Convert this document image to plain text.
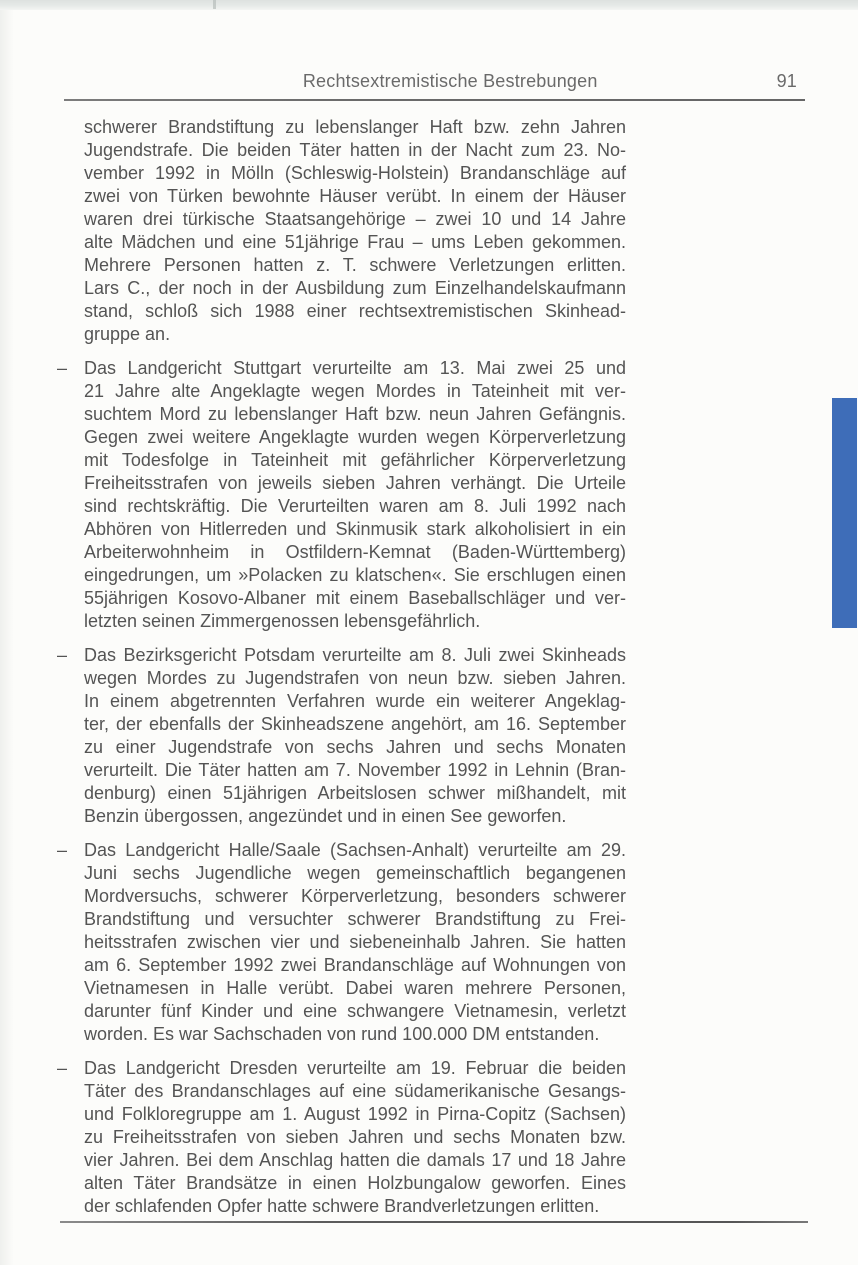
Rechtsextremistische Bestrebungen	91
schwerer Brandstiftung zu lebenslanger Haft bzw. zehn Jahren
Jugendstrafe. Die beiden Täter hatten in der Nacht zum 23. No-
vember 1992 in Mölln (Schleswig-Holstein) Brandanschläge auf
zwei von Türken bewohnte Häuser verübt. In einem der Häuser
waren drei türkische Staatsangehörige – zwei 10 und 14 Jahre
alte Mädchen und eine 51jährige Frau – ums Leben gekommen.
Mehrere Personen hatten z. T. schwere Verletzungen erlitten.
Lars C., der noch in der Ausbildung zum Einzelhandelskaufmann
stand, schloß sich 1988 einer rechtsextremistischen Skinhead-
gruppe an.
– Das Landgericht Stuttgart verurteilte am 13. Mai zwei 25 und
21 Jahre alte Angeklagte wegen Mordes in Tateinheit mit ver-
suchtem Mord zu lebenslanger Haft bzw. neun Jahren Gefängnis.
Gegen zwei weitere Angeklagte wurden wegen Körperverletzung
mit Todesfolge in Tateinheit mit gefährlicher Körperverletzung
Freiheitsstrafen von jeweils sieben Jahren verhängt. Die Urteile
sind rechtskräftig. Die Verurteilten waren am 8. Juli 1992 nach
Abhören von Hitlerreden und Skinmusik stark alkoholisiert in ein
Arbeiterwohnheim in Ostfildern-Kemnat (Baden-Württemberg)
eingedrungen, um »Polacken zu klatschen«. Sie erschlugen einen
55jährigen Kosovo-Albaner mit einem Baseballschläger und ver-
letzten seinen Zimmergenossen lebensgefährlich.
– Das Bezirksgericht Potsdam verurteilte am 8. Juli zwei Skinheads
wegen Mordes zu Jugendstrafen von neun bzw. sieben Jahren.
In einem abgetrennten Verfahren wurde ein weiterer Angeklag-
ter, der ebenfalls der Skinheadszene angehört, am 16. September
zu einer Jugendstrafe von sechs Jahren und sechs Monaten
verurteilt. Die Täter hatten am 7. November 1992 in Lehnin (Bran-
denburg) einen 51jährigen Arbeitslosen schwer mißhandelt, mit
Benzin übergossen, angezündet und in einen See geworfen.
– Das Landgericht Halle/Saale (Sachsen-Anhalt) verurteilte am 29.
Juni sechs Jugendliche wegen gemeinschaftlich begangenen
Mordversuchs, schwerer Körperverletzung, besonders schwerer
Brandstiftung und versuchter schwerer Brandstiftung zu Frei-
heitsstrafen zwischen vier und siebeneinhalb Jahren. Sie hatten
am 6. September 1992 zwei Brandanschläge auf Wohnungen von
Vietnamesen in Halle verübt. Dabei waren mehrere Personen,
darunter fünf Kinder und eine schwangere Vietnamesin, verletzt
worden. Es war Sachschaden von rund 100.000 DM entstanden.
– Das Landgericht Dresden verurteilte am 19. Februar die beiden
Täter des Brandanschlages auf eine südamerikanische Gesangs-
und Folkloregruppe am 1. August 1992 in Pirna-Copitz (Sachsen)
zu Freiheitsstrafen von sieben Jahren und sechs Monaten bzw.
vier Jahren. Bei dem Anschlag hatten die damals 17 und 18 Jahre
alten Täter Brandsätze in einen Holzbungalow geworfen. Eines
der schlafenden Opfer hatte schwere Brandverletzungen erlitten.
